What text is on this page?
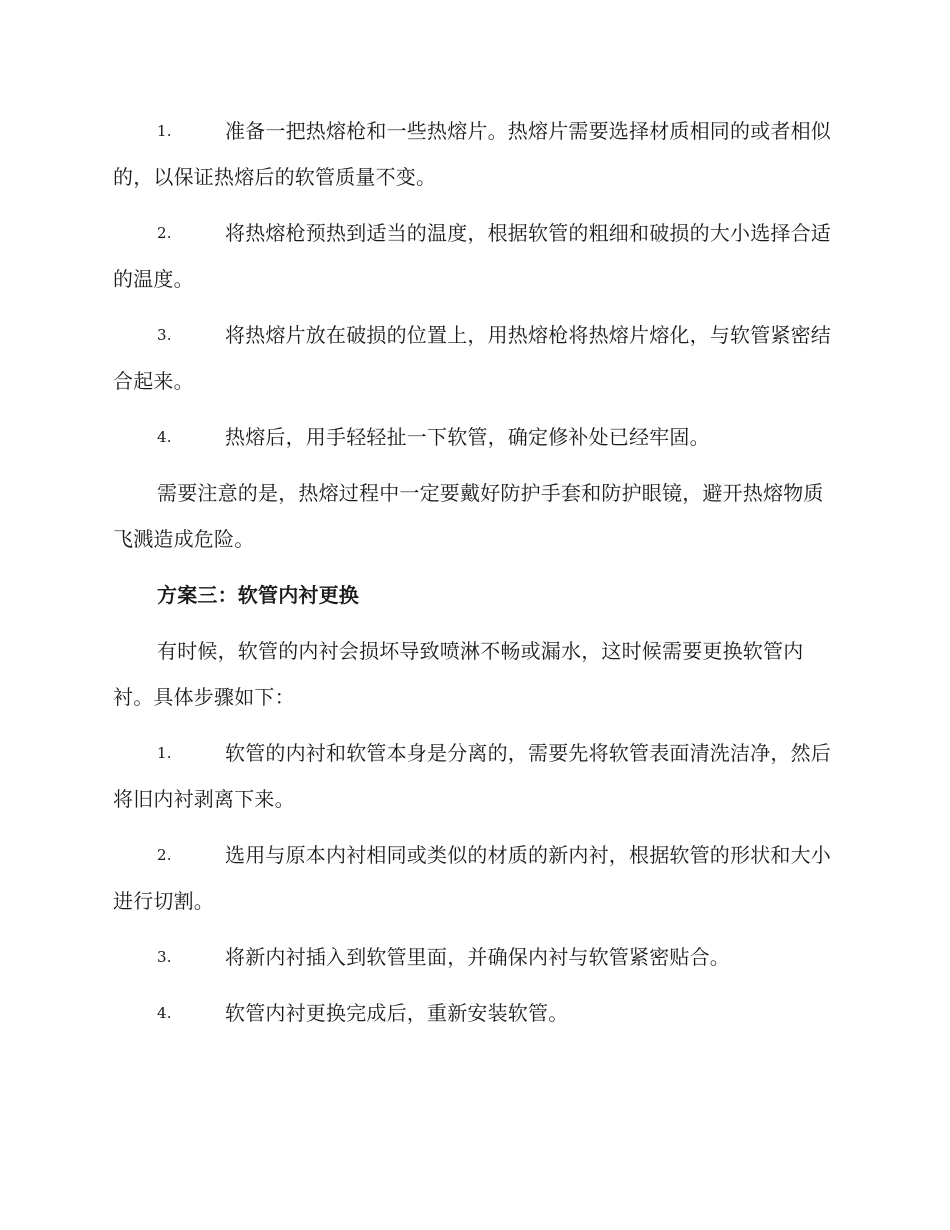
1.	准备一把热熔枪和一些热熔片。热熔片需要选择材质相同的或者相似的，以保证热熔后的软管质量不变。
2.	将热熔枪预热到适当的温度，根据软管的粗细和破损的大小选择合适的温度。
3.	将热熔片放在破损的位置上，用热熔枪将热熔片熔化，与软管紧密结合起来。
4.	热熔后，用手轻轻扯一下软管，确定修补处已经牢固。

需要注意的是，热熔过程中一定要戴好防护手套和防护眼镜，避开热熔物质飞溅造成危险。

方案三：软管内衬更换

有时候，软管的内衬会损坏导致喷淋不畅或漏水，这时候需要更换软管内衬。具体步骤如下：

1.	软管的内衬和软管本身是分离的，需要先将软管表面清洗洁净，然后将旧内衬剥离下来。
2.	选用与原本内衬相同或类似的材质的新内衬，根据软管的形状和大小进行切割。
3.	将新内衬插入到软管里面，并确保内衬与软管紧密贴合。
4.	软管内衬更换完成后，重新安装软管。
